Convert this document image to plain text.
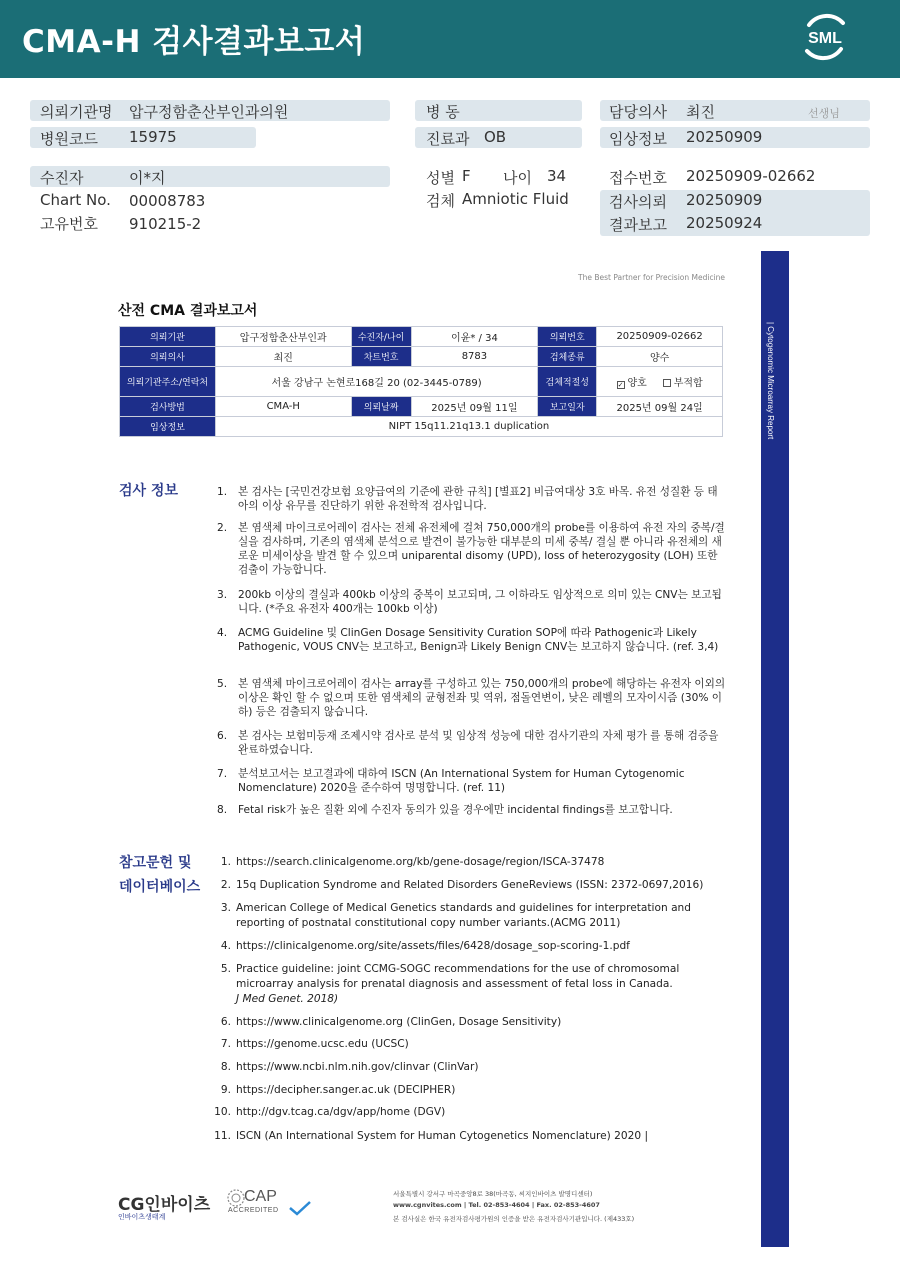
CMA-H 검사결과보고서	SML
의뢰기관명 압구정함춘산부인과의원
병원코드 15975
수진자	이*지
Chart No. 00008783
고유번호 910215-2
병 동
진료과 OB
성별 F 나이 34
검체 Amniotic Fluid
담당의사 최진	선생님
임상정보 20250909
접수번호 20250909-02662
검사의뢰 20250909
결과보고 20250924
The Best Partner for Precision Medicine
산전 CMA 결과보고서
| Cytogenomic Microarray Report
의뢰기관	압구정함춘산부인과	수진자/나이	이윤* / 34	의뢰번호	20250909-02662
의뢰의사	최진	차트번호	8783	검체종류	양수
의뢰기관주소/연락처	서울 강남구 논현로168길 20 (02-3445-0789)			검체적절성	✓ 양호 부적합
검사방법	CMA-H	의뢰날짜	2025년 09월 11일	보고일자	2025년 09월 24일
임상정보	NIPT 15q11.21q13.1 duplication				
검사 정보	1. 본 검사는 [국민건강보험 요양급여의 기준에 관한 규칙] [별표2] 비급여대상 3호 바목. 유전 성질환 등 태아의 이상 유무를 진단하기 위한 유전학적 검사입니다.
2. 본 염색체 마이크로어레이 검사는 전체 유전체에 걸쳐 750,000개의 probe를 이용하여 유전 자의 중복/결실을 검사하며, 기존의 염색체 분석으로 발견이 불가능한 대부분의 미세 중복/ 결실 뿐 아니라 유전체의 새로운 미세이상을 발견 할 수 있으며 uniparental disomy (UPD), loss of heterozygosity (LOH) 또한 검출이 가능합니다.
3. 200kb 이상의 결실과 400kb 이상의 중복이 보고되며, 그 이하라도 임상적으로 의미 있는 CNV는 보고됩니다. (*주요 유전자 400개는 100kb 이상)
4. ACMG Guideline 및 ClinGen Dosage Sensitivity Curation SOP에 따라 Pathogenic과 Likely Pathogenic, VOUS CNV는 보고하고, Benign과 Likely Benign CNV는 보고하지 않습니다. (ref. 3,4)
5. 본 염색체 마이크로어레이 검사는 array를 구성하고 있는 750,000개의 probe에 해당하는 유전자 이외의 이상은 확인 할 수 없으며 또한 염색체의 균형전좌 및 역위, 점돌연변이, 낮은 레벨의 모자이시즘 (30% 이하) 등은 검출되지 않습니다.
6. 본 검사는 보험미등재 조제시약 검사로 분석 및 임상적 성능에 대한 검사기관의 자체 평가 를 통해 검증을 완료하였습니다.
7. 분석보고서는 보고결과에 대하여 ISCN (An International System for Human Cytogenomic Nomenclature) 2020을 준수하여 명명합니다. (ref. 11)
8. Fetal risk가 높은 질환 외에 수진자 동의가 있을 경우에만 incidental findings를 보고합니다.
참고문헌 및
데이터베이스
1. https://search.clinicalgenome.org/kb/gene-dosage/region/ISCA-37478
2. 15q Duplication Syndrome and Related Disorders GeneReviews (ISSN: 2372-0697,2016)
3. American College of Medical Genetics standards and guidelines for interpretation and reporting of postnatal constitutional copy number variants.(ACMG 2011)
4. https://clinicalgenome.org/site/assets/files/6428/dosage_sop-scoring-1.pdf
5. Practice guideline: joint CCMG-SOGC recommendations for the use of chromosomal microarray analysis for prenatal diagnosis and assessment of fetal loss in Canada.
J Med Genet. 2018)
6. https://www.clinicalgenome.org (ClinGen, Dosage Sensitivity)
7. https://genome.ucsc.edu (UCSC)
8. https://www.ncbi.nlm.nih.gov/clinvar (ClinVar)
9. https://decipher.sanger.ac.uk (DECIPHER)
10. http://dgv.tcag.ca/dgv/app/home (DGV)
11. ISCN (An International System for Human Cytogenetics Nomenclature) 2020 |
CG인바이츠
인바이츠생태계
CAP
ACCREDITED
서울특별시 강서구 마곡중앙8로 38(마곡동, 씨지인바이츠 발명디센터)
www.cgnvites.com | Tel. 02-853-4604 | Fax. 02-853-4607
본 검사실은 한국 유전자검사평가원의 인증을 받은 유전자검사기관입니다. (제433호)
